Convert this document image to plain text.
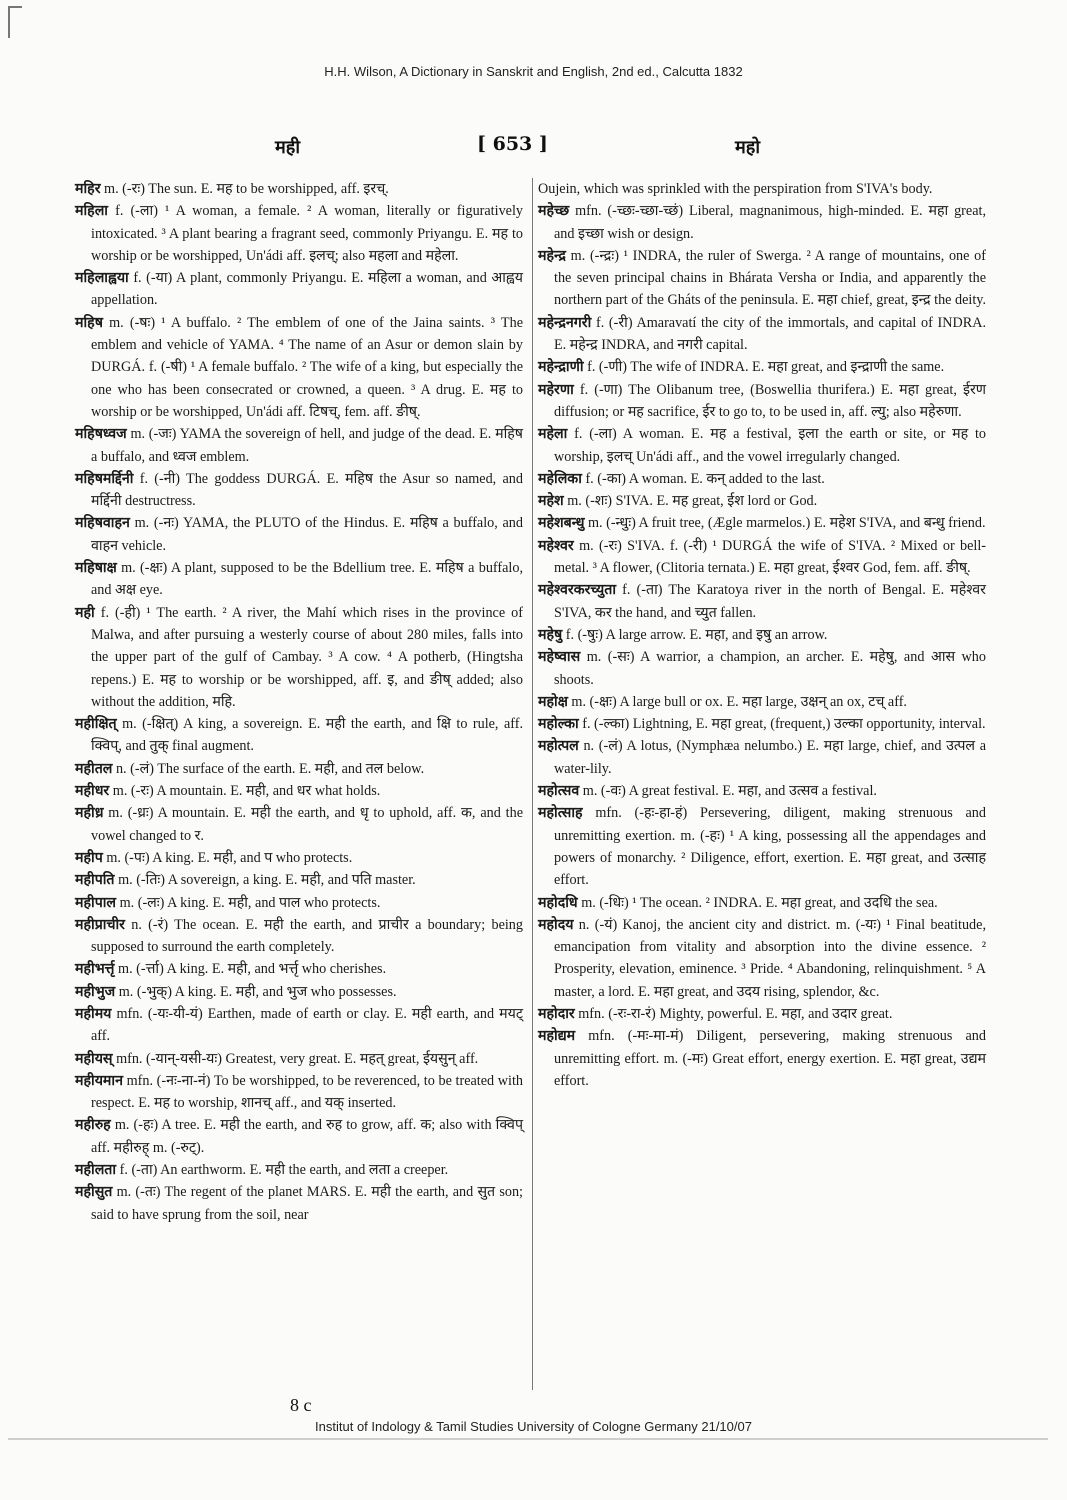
H.H. Wilson, A Dictionary in Sanskrit and English, 2nd ed., Calcutta 1832
मही	[ 653 ]	महो
महिर m. (-रः) The sun. E. मह to be worshipped, aff. इरच्.
महिला f. (-ला) ¹ A woman, a female. ² A woman, literally or figuratively intoxicated. ³ A plant bearing a fragrant seed, commonly Priyangu. E. मह to worship or be worshipped, Un'ádi aff. इलच्; also महला and महेला.
महिलाह्वया f. (-या) A plant, commonly Priyangu. E. महिला a woman, and आह्वय appellation.
महिष m. (-षः) ¹ A buffalo. ² The emblem of one of the Jaina saints. ³ The emblem and vehicle of YAMA. ⁴ The name of an Asur or demon slain by DURGÁ. f. (-षी) ¹ A female buffalo. ² The wife of a king, but especially the one who has been consecrated or crowned, a queen. ³ A drug. E. मह to worship or be worshipped, Un'ádi aff. टिषच्, fem. aff. ङीष्.
महिषध्वज m. (-जः) YAMA the sovereign of hell, and judge of the dead. E. महिष a buffalo, and ध्वज emblem.
महिषमर्द्दिनी f. (-नी) The goddess DURGÁ. E. महिष the Asur so named, and मर्द्दिनी destructress.
महिषवाहन m. (-नः) YAMA, the PLUTO of the Hindus. E. महिष a buffalo, and वाहन vehicle.
महिषाक्ष m. (-क्षः) A plant, supposed to be the Bdellium tree. E. महिष a buffalo, and अक्ष eye.
मही f. (-ही) ¹ The earth. ² A river, the Mahí which rises in the province of Malwa, and after pursuing a westerly course of about 280 miles, falls into the upper part of the gulf of Cambay. ³ A cow. ⁴ A potherb, (Hingtsha repens.) E. मह to worship or be worshipped, aff. इ, and ङीष् added; also without the addition, महि.
महीक्षित् m. (-क्षित्) A king, a sovereign. E. मही the earth, and क्षि to rule, aff. क्विप्, and तुक् final augment.
महीतल n. (-लं) The surface of the earth. E. मही, and तल below.
महीधर m. (-रः) A mountain. E. मही, and धर what holds.
महीध्र m. (-ध्रः) A mountain. E. मही the earth, and धृ to uphold, aff. क, and the vowel changed to र.
महीप m. (-पः) A king. E. मही, and प who protects.
महीपति m. (-तिः) A sovereign, a king. E. मही, and पति master.
महीपाल m. (-लः) A king. E. मही, and पाल who protects.
महीप्राचीर n. (-रं) The ocean. E. मही the earth, and प्राचीर a boundary; being supposed to surround the earth completely.
महीभर्त्तृ m. (-र्त्ता) A king. E. मही, and भर्त्तृ who cherishes.
महीभुज m. (-भुक्) A king. E. मही, and भुज who possesses.
महीमय mfn. (-यः-यी-यं) Earthen, made of earth or clay. E. मही earth, and मयट् aff.
महीयस् mfn. (-यान्-यसी-यः) Greatest, very great. E. महत् great, ईयसुन् aff.
महीयमान mfn. (-नः-ना-नं) To be worshipped, to be reverenced, to be treated with respect. E. मह to worship, शानच् aff., and यक् inserted.
महीरुह m. (-हः) A tree. E. मही the earth, and रुह to grow, aff. क; also with क्विप् aff. महीरुह् m. (-रुट्).
महीलता f. (-ता) An earthworm. E. मही the earth, and लता a creeper.
महीसुत m. (-तः) The regent of the planet MARS. E. मही the earth, and सुत son; said to have sprung from the soil, near
Oujein, which was sprinkled with the perspiration from S'IVA's body.
महेच्छ mfn. (-च्छः-च्छा-च्छं) Liberal, magnanimous, high-minded. E. महा great, and इच्छा wish or design.
महेन्द्र m. (-न्द्रः) ¹ INDRA, the ruler of Swerga. ² A range of mountains, one of the seven principal chains in Bhárata Versha or India, and apparently the northern part of the Gháts of the peninsula. E. महा chief, great, इन्द्र the deity.
महेन्द्रनगरी f. (-री) Amaravatí the city of the immortals, and capital of INDRA. E. महेन्द्र INDRA, and नगरी capital.
महेन्द्राणी f. (-णी) The wife of INDRA. E. महा great, and इन्द्राणी the same.
महेरणा f. (-णा) The Olibanum tree, (Boswellia thurifera.) E. महा great, ईरण diffusion; or मह sacrifice, ईर to go to, to be used in, aff. ल्यु; also महेरुणा.
महेला f. (-ला) A woman. E. मह a festival, इला the earth or site, or मह to worship, इलच् Un'ádi aff., and the vowel irregularly changed.
महेलिका f. (-का) A woman. E. कन् added to the last.
महेश m. (-शः) S'IVA. E. मह great, ईश lord or God.
महेशबन्धु m. (-न्धुः) A fruit tree, (Ægle marmelos.) E. महेश S'IVA, and बन्धु friend.
महेश्वर m. (-रः) S'IVA. f. (-री) ¹ DURGÁ the wife of S'IVA. ² Mixed or bell-metal. ³ A flower, (Clitoria ternata.) E. महा great, ईश्वर God, fem. aff. ङीष्.
महेश्वरकरच्युता f. (-ता) The Karatoya river in the north of Bengal. E. महेश्वर S'IVA, कर the hand, and च्युत fallen.
महेषु f. (-षुः) A large arrow. E. महा, and इषु an arrow.
महेष्वास m. (-सः) A warrior, a champion, an archer. E. महेषु, and आस who shoots.
महोक्ष m. (-क्षः) A large bull or ox. E. महा large, उक्षन् an ox, टच् aff.
महोल्का f. (-ल्का) Lightning, E. महा great, (frequent,) उल्का opportunity, interval.
महोत्पल n. (-लं) A lotus, (Nymphæa nelumbo.) E. महा large, chief, and उत्पल a water-lily.
महोत्सव m. (-वः) A great festival. E. महा, and उत्सव a festival.
महोत्साह mfn. (-हः-हा-हं) Persevering, diligent, making strenuous and unremitting exertion. m. (-हः) ¹ A king, possessing all the appendages and powers of monarchy. ² Diligence, effort, exertion. E. महा great, and उत्साह effort.
महोदधि m. (-धिः) ¹ The ocean. ² INDRA. E. महा great, and उदधि the sea.
महोदय n. (-यं) Kanoj, the ancient city and district. m. (-यः) ¹ Final beatitude, emancipation from vitality and absorption into the divine essence. ² Prosperity, elevation, eminence. ³ Pride. ⁴ Abandoning, relinquishment. ⁵ A master, a lord. E. महा great, and उदय rising, splendor, &c.
महोदार mfn. (-रः-रा-रं) Mighty, powerful. E. महा, and उदार great.
महोद्यम mfn. (-मः-मा-मं) Diligent, persevering, making strenuous and unremitting effort. m. (-मः) Great effort, energy exertion. E. महा great, उद्यम effort.
8 c
Institut of Indology & Tamil Studies University of Cologne Germany 21/10/07
